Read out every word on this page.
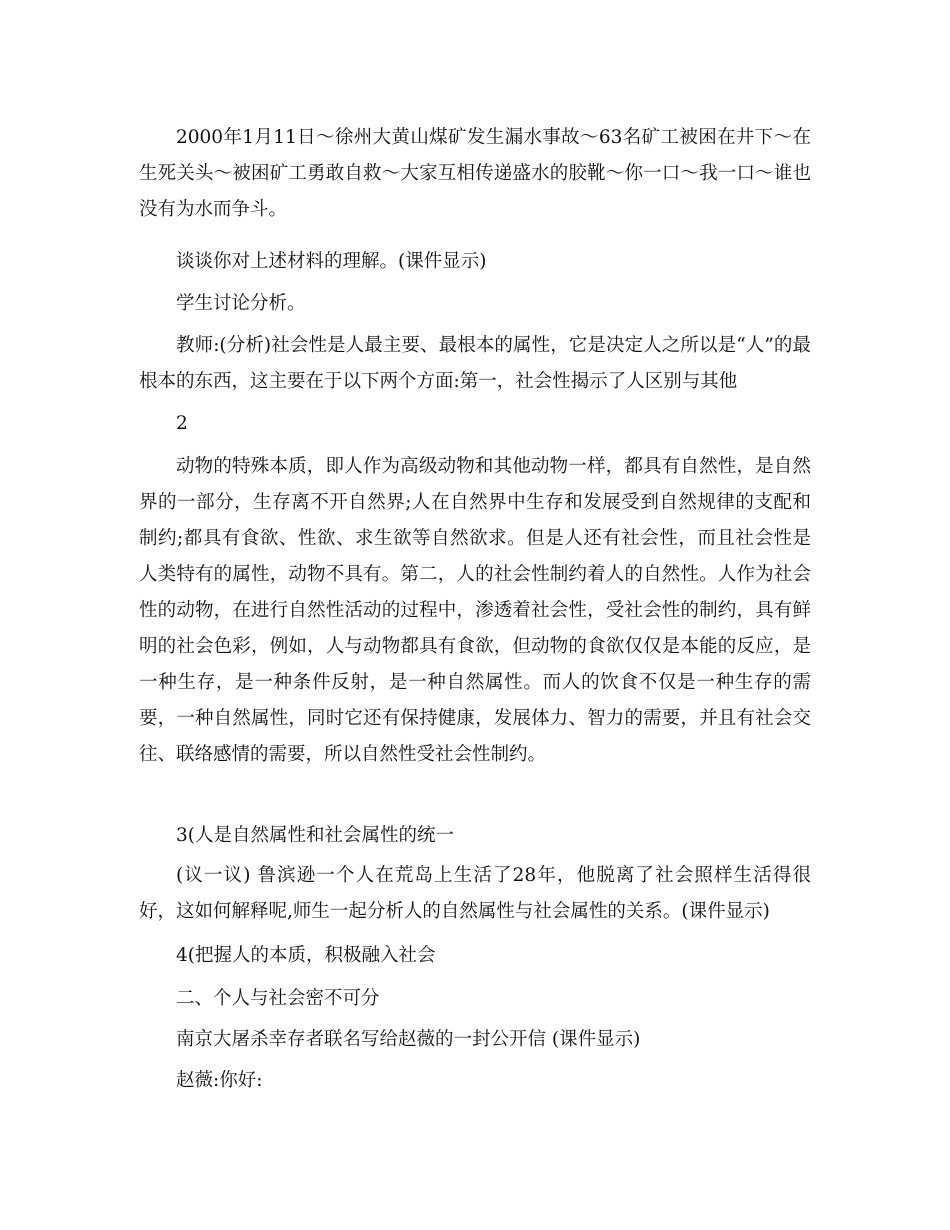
2000年1月11日～徐州大黄山煤矿发生漏水事故～63名矿工被困在井下～在生死关头～被困矿工勇敢自救～大家互相传递盛水的胶靴～你一口～我一口～谁也没有为水而争斗。

谈谈你对上述材料的理解。(课件显示)

学生讨论分析。

教师:(分析)社会性是人最主要、最根本的属性，它是决定人之所以是“人”的最根本的东西，这主要在于以下两个方面:第一，社会性揭示了人区别与其他

2

动物的特殊本质，即人作为高级动物和其他动物一样，都具有自然性，是自然界的一部分，生存离不开自然界;人在自然界中生存和发展受到自然规律的支配和制约;都具有食欲、性欲、求生欲等自然欲求。但是人还有社会性，而且社会性是人类特有的属性，动物不具有。第二，人的社会性制约着人的自然性。人作为社会性的动物，在进行自然性活动的过程中，渗透着社会性，受社会性的制约，具有鲜明的社会色彩，例如，人与动物都具有食欲，但动物的食欲仅仅是本能的反应，是一种生存，是一种条件反射，是一种自然属性。而人的饮食不仅是一种生存的需要，一种自然属性，同时它还有保持健康，发展体力、智力的需要，并且有社会交往、联络感情的需要，所以自然性受社会性制约。

3(人是自然属性和社会属性的统一

(议一议) 鲁滨逊一个人在荒岛上生活了28年，他脱离了社会照样生活得很好，这如何解释呢,师生一起分析人的自然属性与社会属性的关系。(课件显示)

4(把握人的本质，积极融入社会

二、个人与社会密不可分

南京大屠杀幸存者联名写给赵薇的一封公开信 (课件显示)

赵薇:你好:
